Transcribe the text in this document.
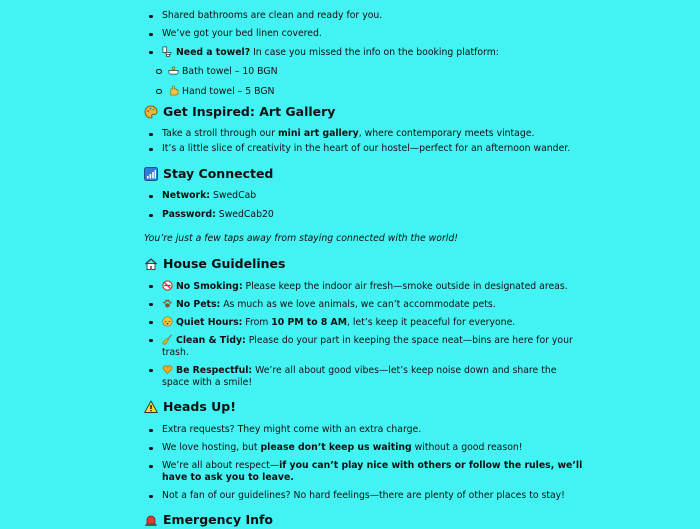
Shared bathrooms are clean and ready for you.
We’ve got your bed linen covered.
Need a towel? In case you missed the info on the booking platform:
Bath towel – 10 BGN
Hand towel – 5 BGN
Get Inspired: Art Gallery
Take a stroll through our mini art gallery, where contemporary meets vintage.
It’s a little slice of creativity in the heart of our hostel—perfect for an afternoon wander.
Stay Connected
Network: SwedCab
Password: SwedCab20

You’re just a few taps away from staying connected with the world!

House Guidelines
No Smoking: Please keep the indoor air fresh—smoke outside in designated areas.
No Pets: As much as we love animals, we can’t accommodate pets.
Quiet Hours: From 10 PM to 8 AM, let’s keep it peaceful for everyone.
Clean & Tidy: Please do your part in keeping the space neat—bins are here for your trash.
Be Respectful: We’re all about good vibes—let’s keep noise down and share the space with a smile!
Heads Up!
Extra requests? They might come with an extra charge.
We love hosting, but please don’t keep us waiting without a good reason!
We’re all about respect—if you can’t play nice with others or follow the rules, we’ll have to ask you to leave.
Not a fan of our guidelines? No hard feelings—there are plenty of other places to stay!
Emergency Info
